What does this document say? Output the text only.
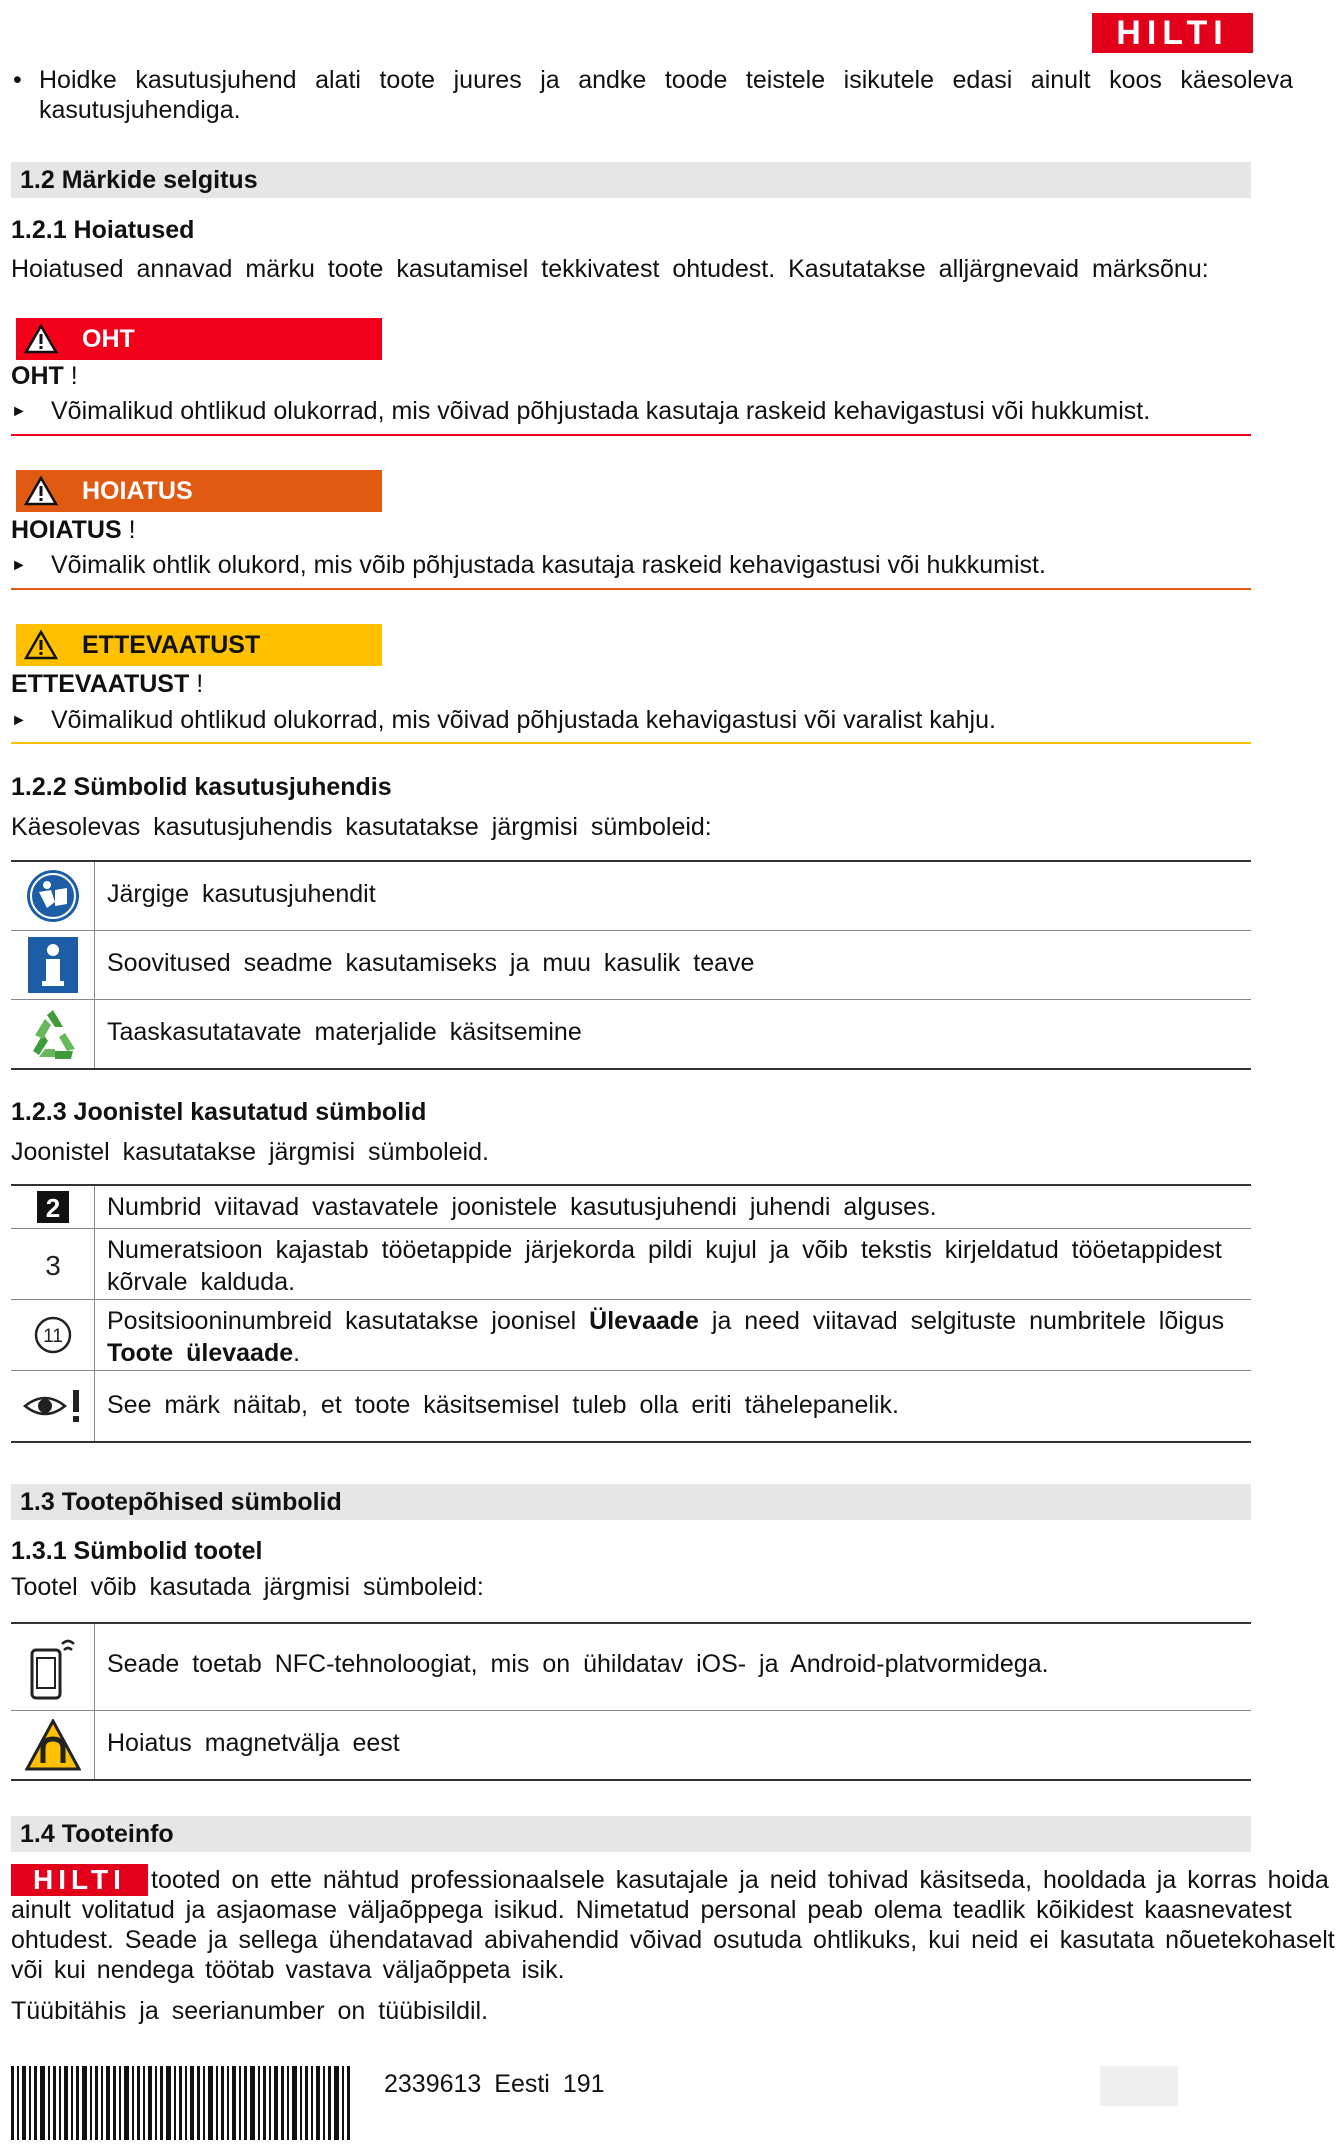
HILTI
• Hoidke kasutusjuhend alati toote juures ja andke toode teistele isikutele edasi ainult koos käesoleva kasutusjuhendiga.
1.2 Märkide selgitus
1.2.1 Hoiatused
Hoiatused annavad märku toote kasutamisel tekkivatest ohtudest. Kasutatakse alljärgnevaid märksõnu:
OHT
OHT !
► Võimalikud ohtlikud olukorrad, mis võivad põhjustada kasutaja raskeid kehavigastusi või hukkumist.
HOIATUS
HOIATUS !
► Võimalik ohtlik olukord, mis võib põhjustada kasutaja raskeid kehavigastusi või hukkumist.
ETTEVAATUST
ETTEVAATUST !
► Võimalikud ohtlikud olukorrad, mis võivad põhjustada kehavigastusi või varalist kahju.
1.2.2 Sümbolid kasutusjuhendis
Käesolevas kasutusjuhendis kasutatakse järgmisi sümboleid:
Järgige kasutusjuhendit
Soovitused seadme kasutamiseks ja muu kasulik teave
Taaskasutatavate materjalide käsitsemine
1.2.3 Joonistel kasutatud sümbolid
Joonistel kasutatakse järgmisi sümboleid.
2 Numbrid viitavad vastavatele joonistele kasutusjuhendi juhendi alguses.
3 Numeratsioon kajastab tööetappide järjekorda pildi kujul ja võib tekstis kirjeldatud tööetappidest kõrvale kalduda.
11
Positsiooninumbreid kasutatakse joonisel Ülevaade ja need viitavad selgituste numbritele lõigus Toote ülevaade.
See märk näitab, et toote käsitsemisel tuleb olla eriti tähelepanelik.
1.3 Tootepõhised sümbolid
1.3.1 Sümbolid tootel
Tootel võib kasutada järgmisi sümboleid:
Seade toetab NFC-tehnoloogiat, mis on ühildatav iOS- ja Android-platvormidega.
Hoiatus magnetvälja eest
1.4 Tooteinfo
HILTI	tooted on ette nähtud professionaalsele kasutajale ja neid tohivad käsitseda, hooldada ja korras hoida ainult volitatud ja asjaomase väljaõppega isikud. Nimetatud personal peab olema teadlik kõikidest kaasnevatest ohtudest. Seade ja sellega ühendatavad abivahendid võivad osutuda ohtlikuks, kui neid ei kasutata nõuetekohaselt või kui nendega töötab vastava väljaõppeta isik.
Tüübitähis ja seerianumber on tüübisildil.
2339613 Eesti 191
